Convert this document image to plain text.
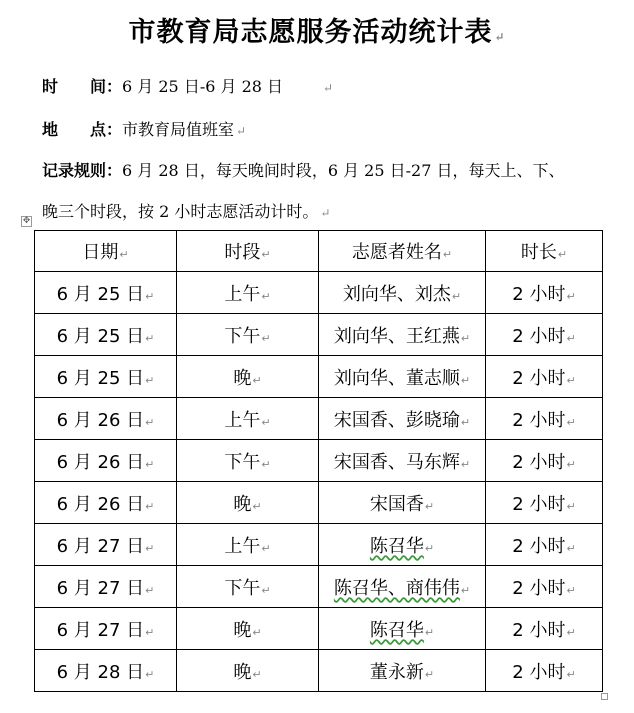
市教育局志愿服务活动统计表 ↵
时　　间：6 月 25 日-6 月 28 日	↵
地　　点：市教育局值班室 ↵
记录规则：6 月 28 日，每天晚间时段，6 月 25 日-27 日，每天上、下、
晚三个时段，按 2 小时志愿活动计时。 ↵
✥
日期↵	时段↵	志愿者姓名↵	时长↵
6 月 25 日↵	上午↵	刘向华、刘杰↵	2 小时↵
6 月 25 日↵	下午↵	刘向华、王红燕↵	2 小时↵
6 月 25 日↵	晚↵	刘向华、董志顺↵	2 小时↵
6 月 26 日↵	上午↵	宋国香、彭晓瑜↵	2 小时↵
6 月 26 日↵	下午↵	宋国香、马东辉↵	2 小时↵
6 月 26 日↵	晚↵	宋国香↵	2 小时↵
6 月 27 日↵	上午↵	陈召华↵	2 小时↵
6 月 27 日↵	下午↵	陈召华、商伟伟↵	2 小时↵
6 月 27 日↵	晚↵	陈召华↵	2 小时↵
6 月 28 日↵	晚↵	董永新↵	2 小时↵
